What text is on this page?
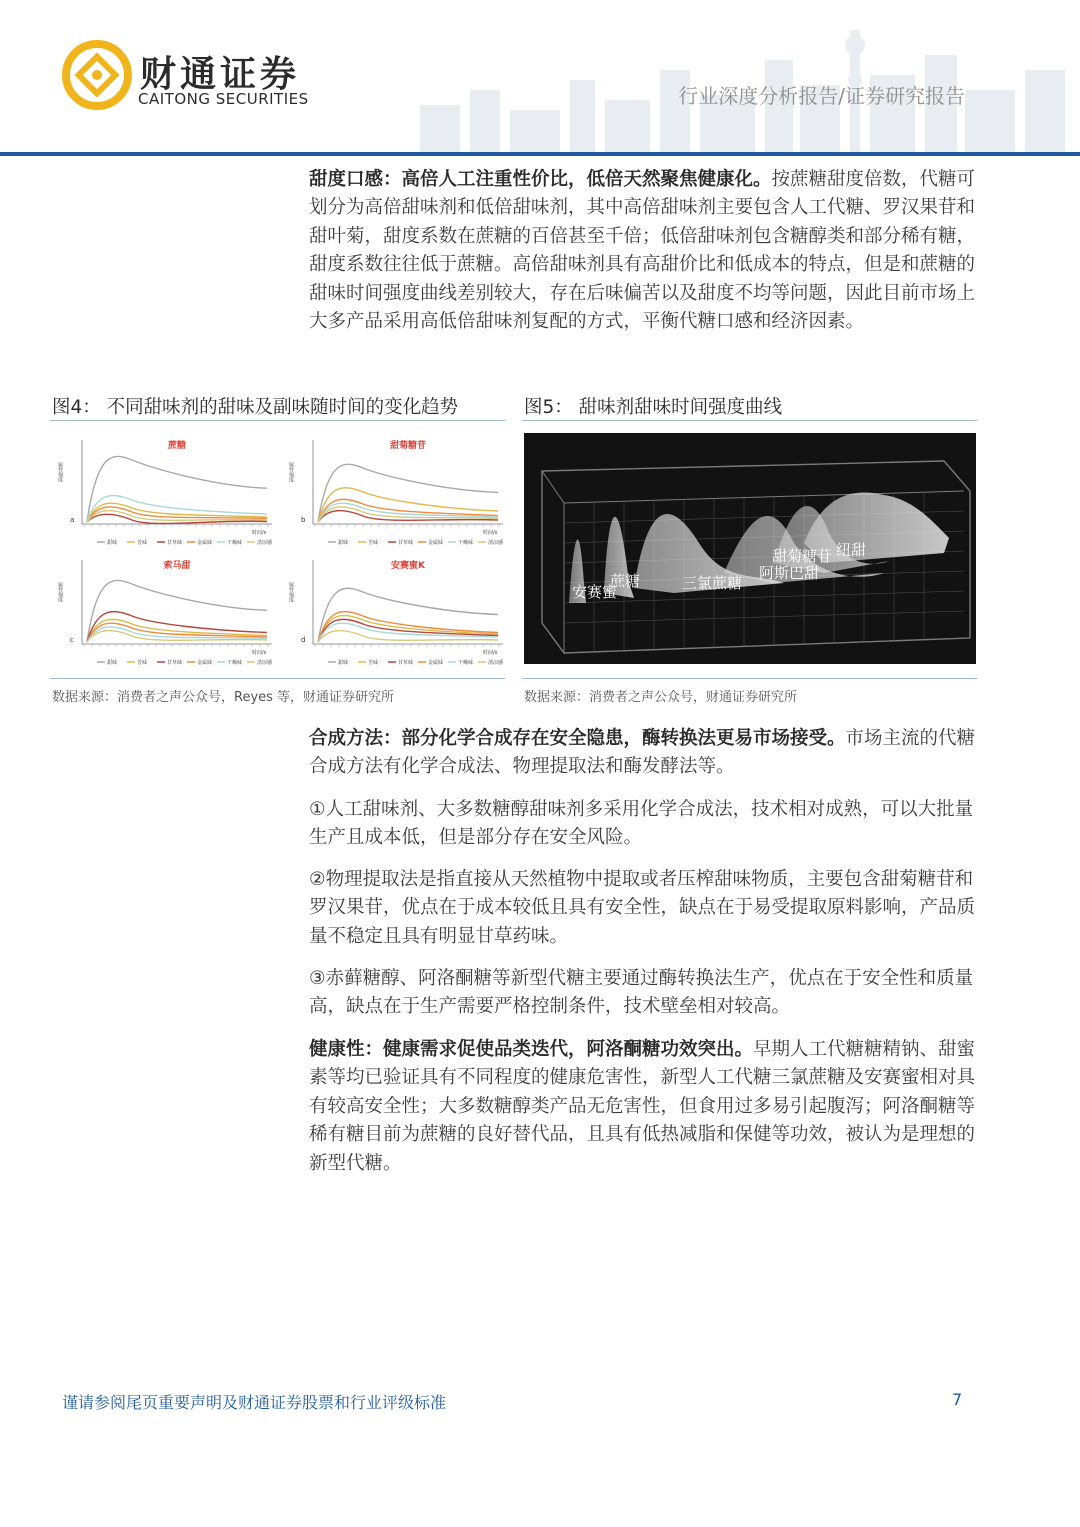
财通证券
CAITONG SECURITIES	行业深度分析报告/证券研究报告

甜度口感：高倍人工注重性价比，低倍天然聚焦健康化。按蔗糖甜度倍数，代糖可划分为高倍甜味剂和低倍甜味剂，其中高倍甜味剂主要包含人工代糖、罗汉果苷和甜叶菊，甜度系数在蔗糖的百倍甚至千倍；低倍甜味剂包含糖醇类和部分稀有糖，甜度系数往往低于蔗糖。高倍甜味剂具有高甜价比和低成本的特点，但是和蔗糖的甜味时间强度曲线差别较大，存在后味偏苦以及甜度不均等问题，因此目前市场上大多产品采用高低倍甜味剂复配的方式，平衡代糖口感和经济因素。

图4： 不同甜味剂的甜味及副味随时间的变化趋势
蔗糖
属性强度
a
时间/s
甜味	苦味	甘草味	金属味	干燥味	清凉感
甜菊糖苷
属性强度
b
时间/s
甜味	苦味	甘草味	金属味	干燥味	清凉感
索马甜
属性强度
c
时间/s
甜味	苦味	甘草味	金属味	干燥味	清凉感
安赛蜜K
属性强度
d
时间/s
甜味	苦味	甘草味	金属味	干燥味	清凉感
数据来源：消费者之声公众号，Reyes 等，财通证券研究所
图5： 甜味剂甜味时间强度曲线
安赛蜜
蔗糖	三氯蔗糖
阿斯巴甜
甜菊糖苷 纽甜
数据来源：消费者之声公众号，财通证券研究所

合成方法：部分化学合成存在安全隐患，酶转换法更易市场接受。市场主流的代糖合成方法有化学合成法、物理提取法和酶发酵法等。

①人工甜味剂、大多数糖醇甜味剂多采用化学合成法，技术相对成熟，可以大批量生产且成本低，但是部分存在安全风险。

②物理提取法是指直接从天然植物中提取或者压榨甜味物质，主要包含甜菊糖苷和罗汉果苷，优点在于成本较低且具有安全性，缺点在于易受提取原料影响，产品质量不稳定且具有明显甘草药味。

③赤藓糖醇、阿洛酮糖等新型代糖主要通过酶转换法生产，优点在于安全性和质量高，缺点在于生产需要严格控制条件，技术壁垒相对较高。

健康性：健康需求促使品类迭代，阿洛酮糖功效突出。早期人工代糖糖精钠、甜蜜素等均已验证具有不同程度的健康危害性，新型人工代糖三氯蔗糖及安赛蜜相对具有较高安全性；大多数糖醇类产品无危害性，但食用过多易引起腹泻；阿洛酮糖等稀有糖目前为蔗糖的良好替代品，且具有低热减脂和保健等功效，被认为是理想的新型代糖。

谨请参阅尾页重要声明及财通证券股票和行业评级标准	7
